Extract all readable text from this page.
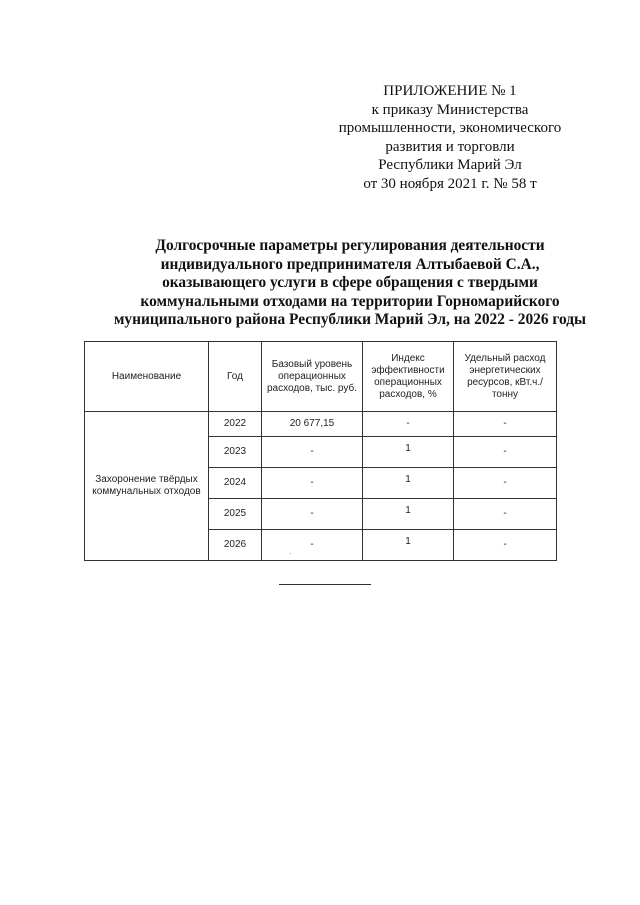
ПРИЛОЖЕНИЕ № 1
к приказу Министерства
промышленности, экономического
развития и торговли
Республики Марий Эл
от 30 ноября 2021 г. № 58 т
Долгосрочные параметры регулирования деятельности
индивидуального предпринимателя Алтыбаевой С.А.,
оказывающего услуги в сфере обращения с твердыми
коммунальными отходами на территории Горномарийского
муниципального района Республики Марий Эл, на 2022 - 2026 годы
Наименование	Год	Базовый уровень операционных расходов, тыс. руб.	Индекс эффективности операционных расходов, %	Удельный расход энергетических ресурсов, кВт.ч./тонну
Захоронение твёрдых коммунальных отходов	2022	20 677,15	-	-
	2023	-	1	-
	2024	-	1	-
	2025	-	1	-
	2026	-	1	-
